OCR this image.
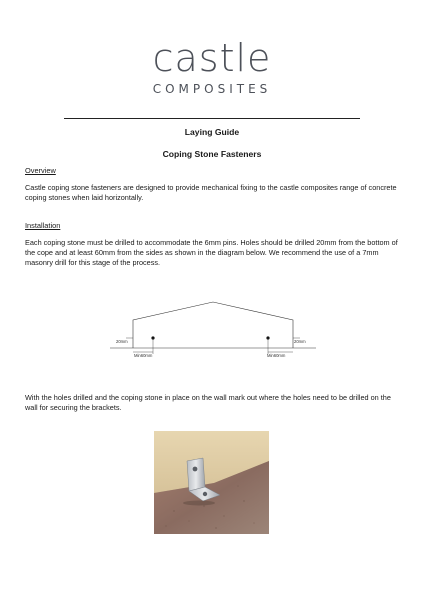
castle
COMPOSITES
Laying Guide
Coping Stone Fasteners
Overview
Castle coping stone fasteners are designed to provide mechanical fixing to the castle composites range of concrete coping stones when laid horizontally.
Installation
Each coping stone must be drilled to accommodate the 6mm pins. Holes should be drilled 20mm from the bottom of the cope and at least 60mm from the sides as shown in the diagram below. We recommend the use of a 7mm masonry drill for this stage of the process.
20mm	20mm
Min60mm	Min60mm
With the holes drilled and the coping stone in place on the wall mark out where the holes need to be drilled on the wall for securing the brackets.
